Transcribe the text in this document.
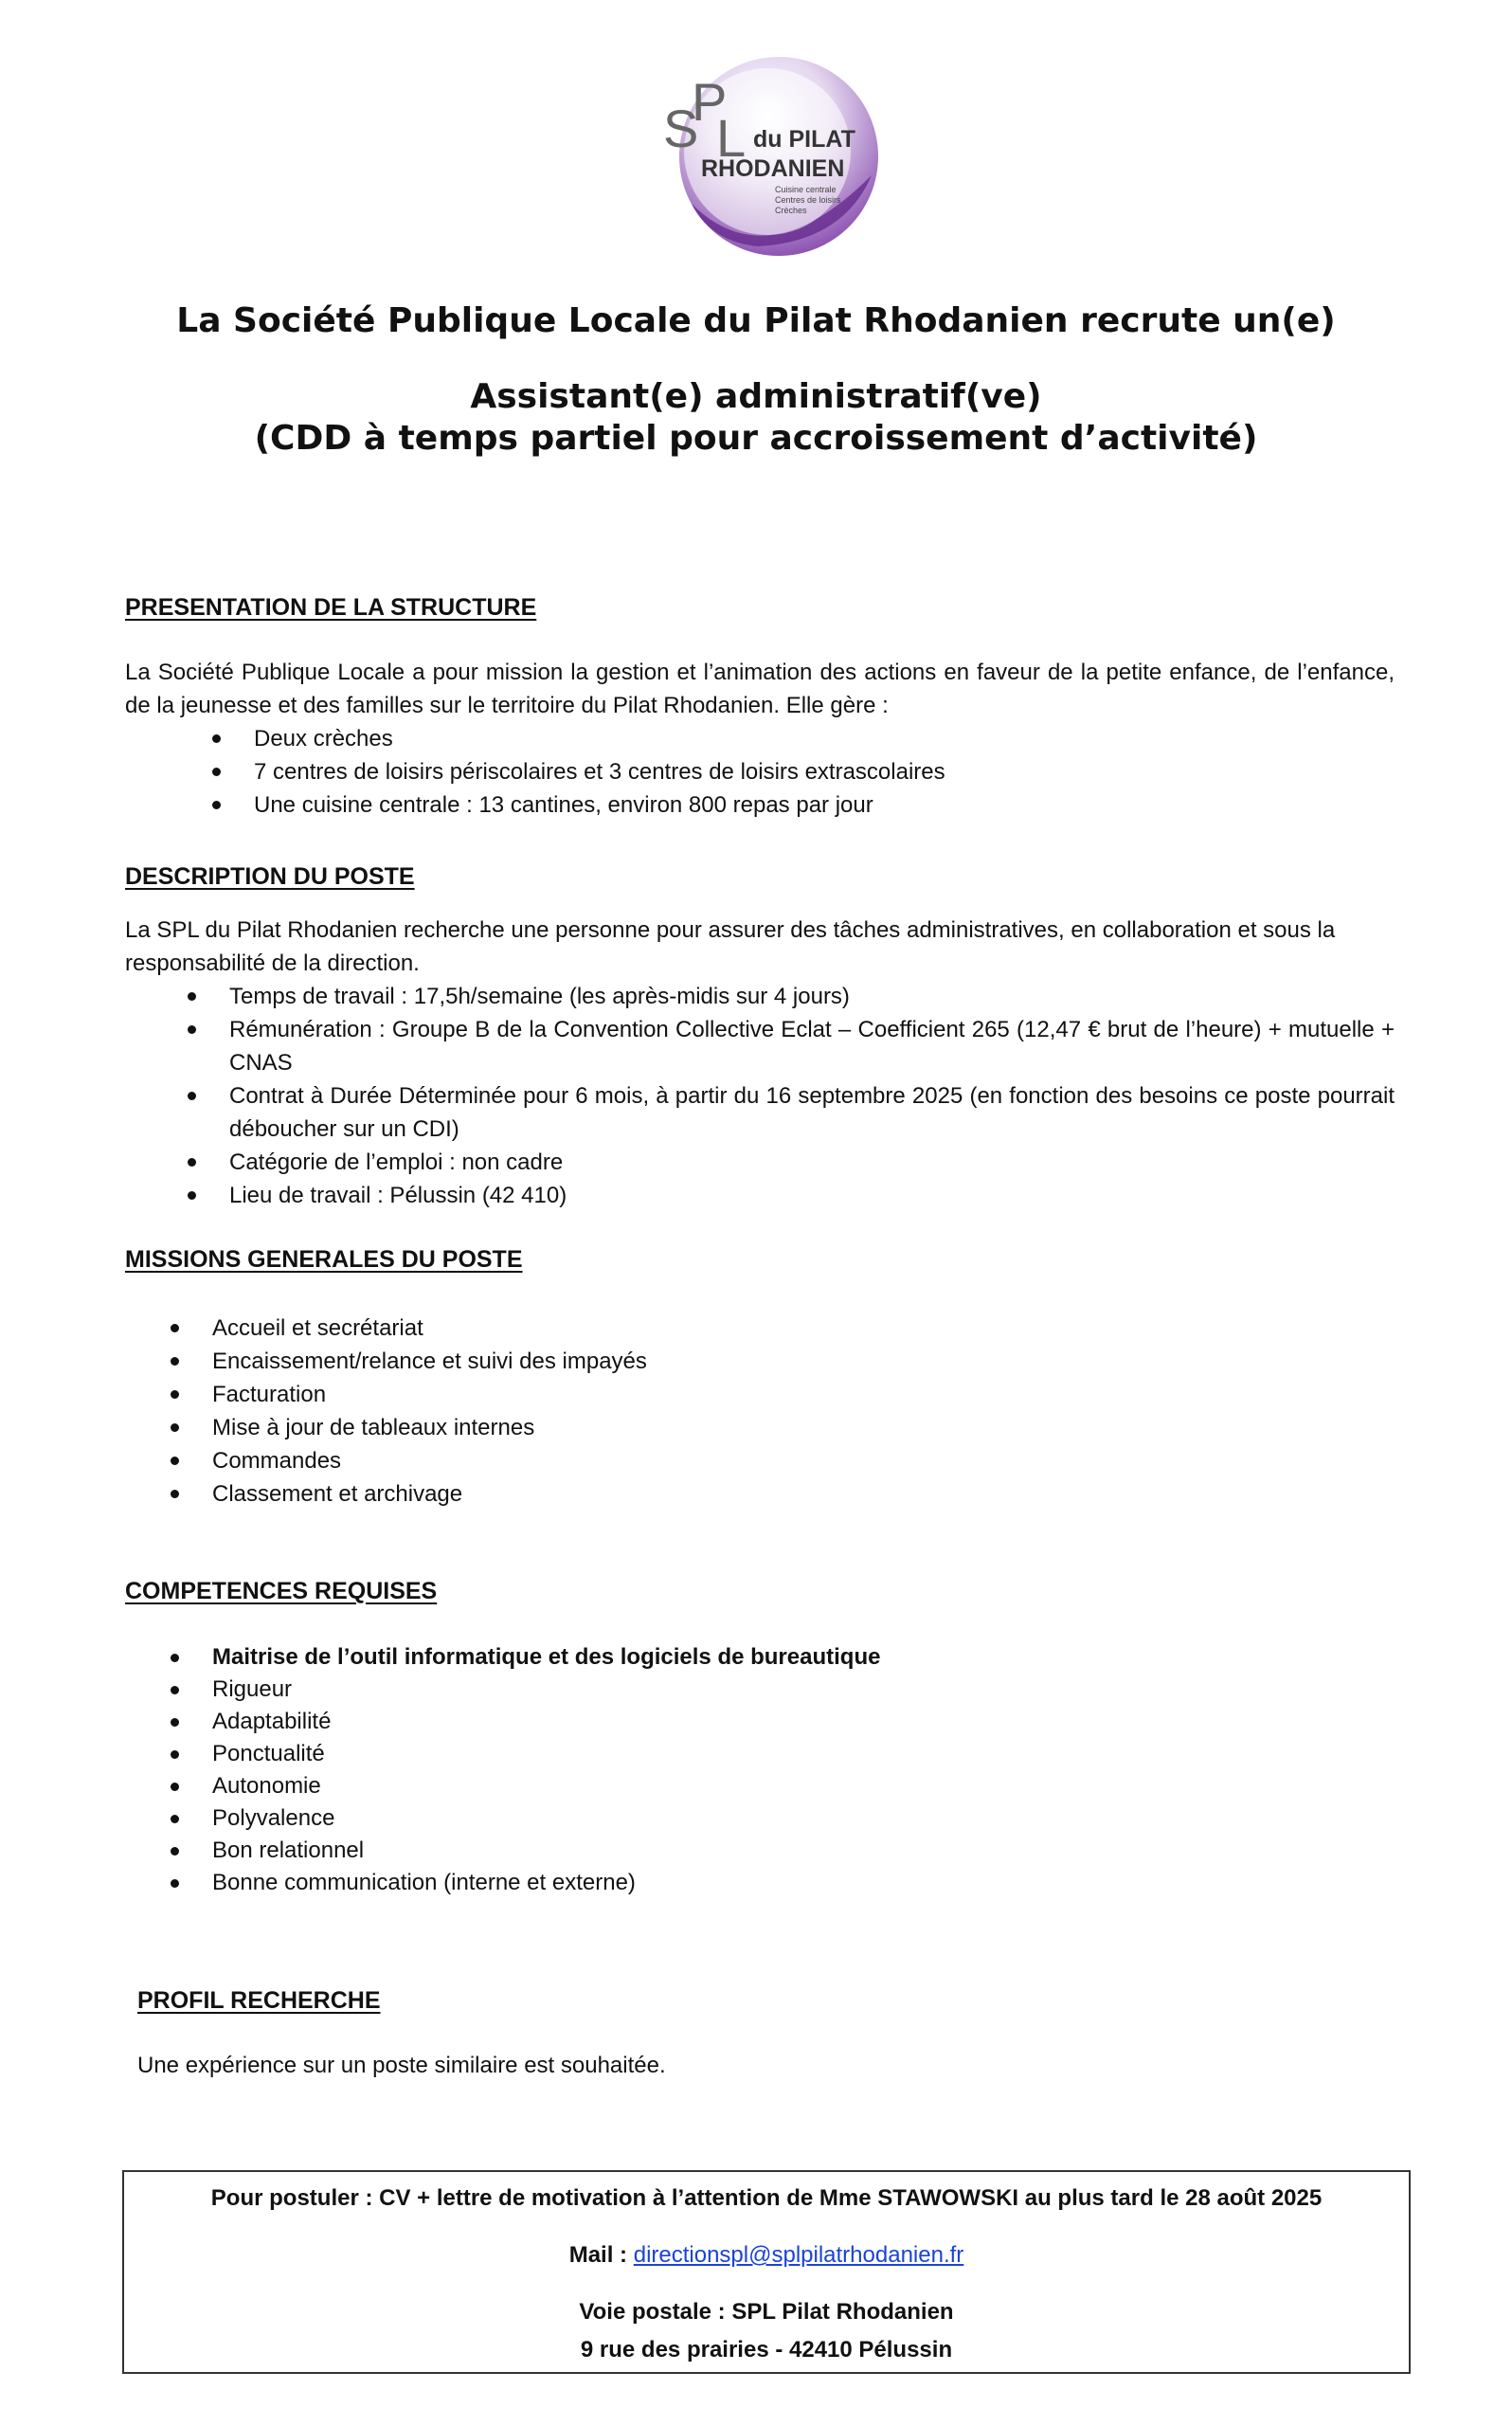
S
P
L du PILAT
RHODANIEN
Cuisine centrale
Centres de loisirs
Crèches
La Société Publique Locale du Pilat Rhodanien recrute un(e)
Assistant(e) administratif(ve)
(CDD à temps partiel pour accroissement d’activité)
PRESENTATION DE LA STRUCTURE
La Société Publique Locale a pour mission la gestion et l’animation des actions en faveur de la petite enfance, de l’enfance, de la jeunesse et des familles sur le territoire du Pilat Rhodanien. Elle gère :
Deux crèches
7 centres de loisirs périscolaires et 3 centres de loisirs extrascolaires
Une cuisine centrale : 13 cantines, environ 800 repas par jour
DESCRIPTION DU POSTE
La SPL du Pilat Rhodanien recherche une personne pour assurer des tâches administratives, en collaboration et sous la responsabilité de la direction.
Temps de travail : 17,5h/semaine (les après-midis sur 4 jours)
Rémunération : Groupe B de la Convention Collective Eclat – Coefficient 265 (12,47 € brut de l’heure) + mutuelle + CNAS
Contrat à Durée Déterminée pour 6 mois, à partir du 16 septembre 2025 (en fonction des besoins ce poste pourrait déboucher sur un CDI)
Catégorie de l’emploi : non cadre
Lieu de travail : Pélussin (42 410)
MISSIONS GENERALES DU POSTE
Accueil et secrétariat
Encaissement/relance et suivi des impayés
Facturation
Mise à jour de tableaux internes
Commandes
Classement et archivage
COMPETENCES REQUISES
Maitrise de l’outil informatique et des logiciels de bureautique
Rigueur
Adaptabilité
Ponctualité
Autonomie
Polyvalence
Bon relationnel
Bonne communication (interne et externe)
PROFIL RECHERCHE
Une expérience sur un poste similaire est souhaitée.
Pour postuler : CV + lettre de motivation à l’attention de Mme STAWOWSKI au plus tard le 28 août 2025
Mail : directionspl@splpilatrhodanien.fr
Voie postale : SPL Pilat Rhodanien
9 rue des prairies - 42410 Pélussin
